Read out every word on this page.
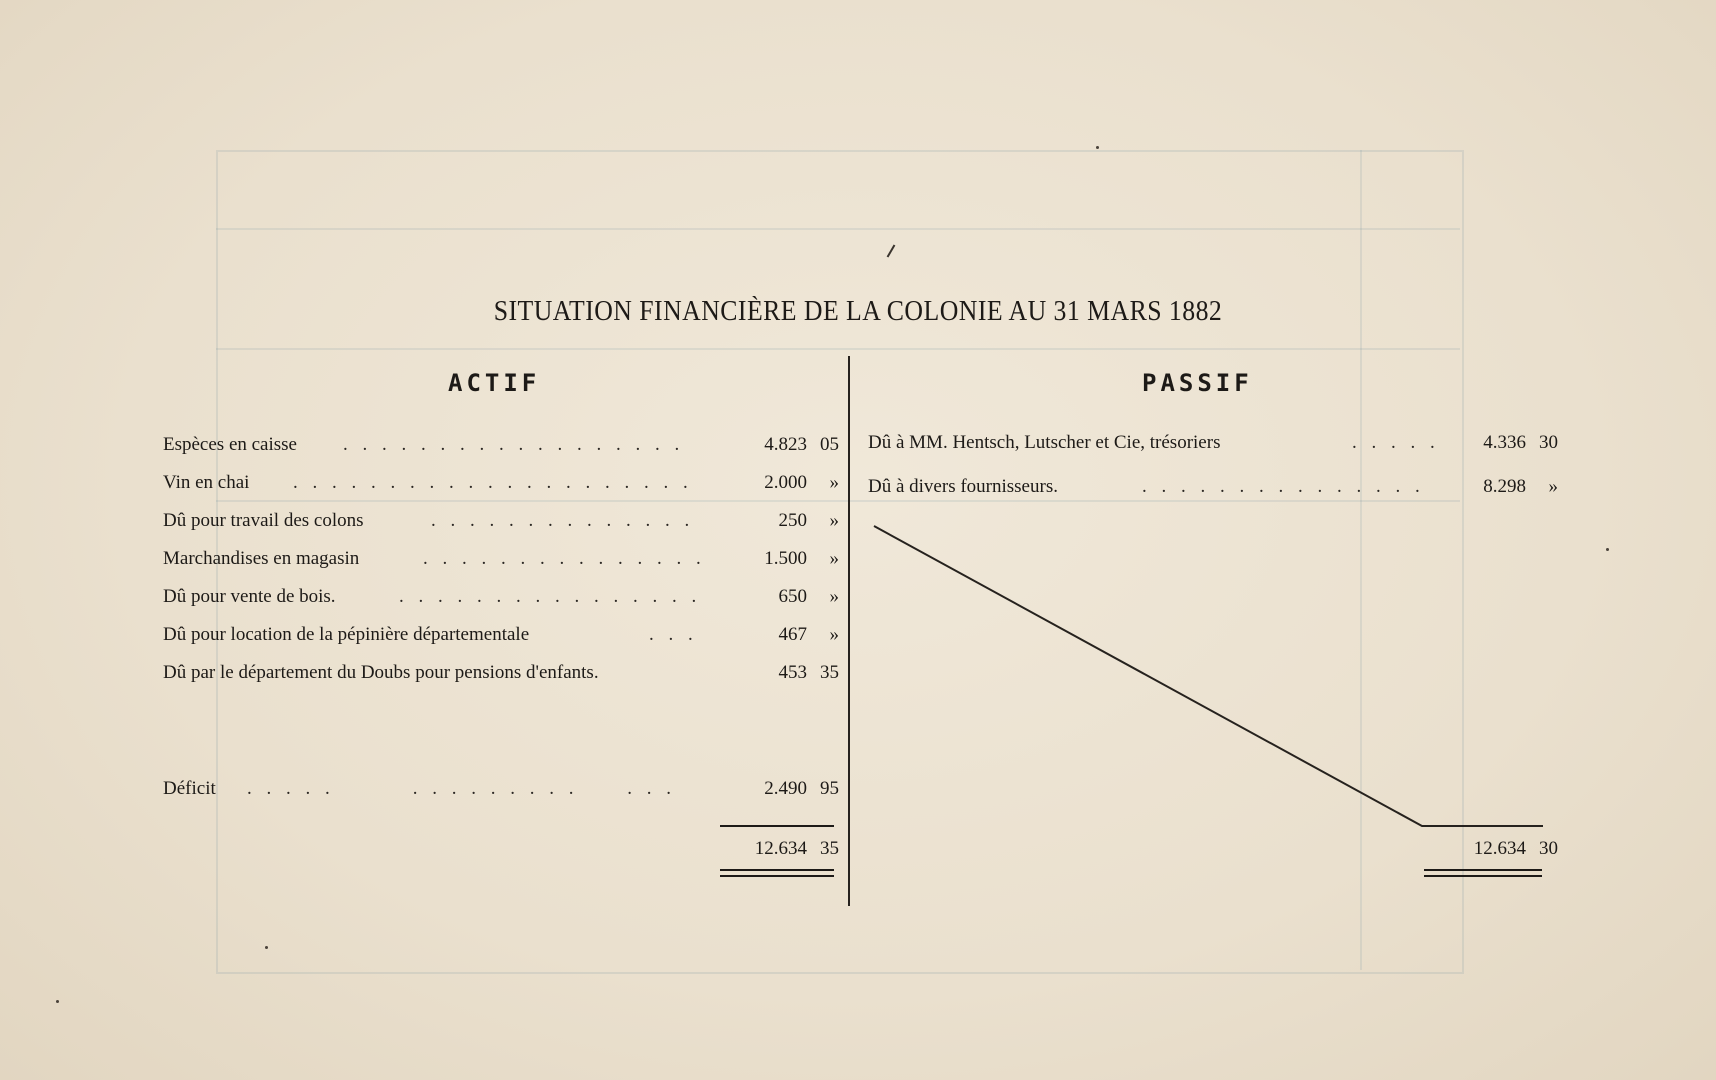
SITUATION FINANCIÈRE DE LA COLONIE AU 31 MARS 1882
ACTIF	PASSIF
Espèces en caisse . . . . . . . . . . . . . . . . . .	4.823 05
Vin en chai . . . . . . . . . . . . . . . . . . . . .	2.000	»
Dû pour travail des colons	. . . . . . . . . . . . . .	250	»
Marchandises en magasin	. . . . . . . . . . . . . . .	1.500	»
Dû pour vente de bois.	. . . . . . . . . . . . . . . .	650	»
Dû pour location de la pépinière départementale	. . .	467	»
Dû par le département du Doubs pour pensions d'enfants.	453 35
Déficit . . . . .        . . . . . . . . .     . . .	2.490 95
12.634 35
Dû à MM. Hentsch, Lutscher et Cie, trésoriers	. . . . .	4.336 30
Dû à divers fournisseurs.	. . . . . . . . . . . . . . .	8.298	»
12.634 30
